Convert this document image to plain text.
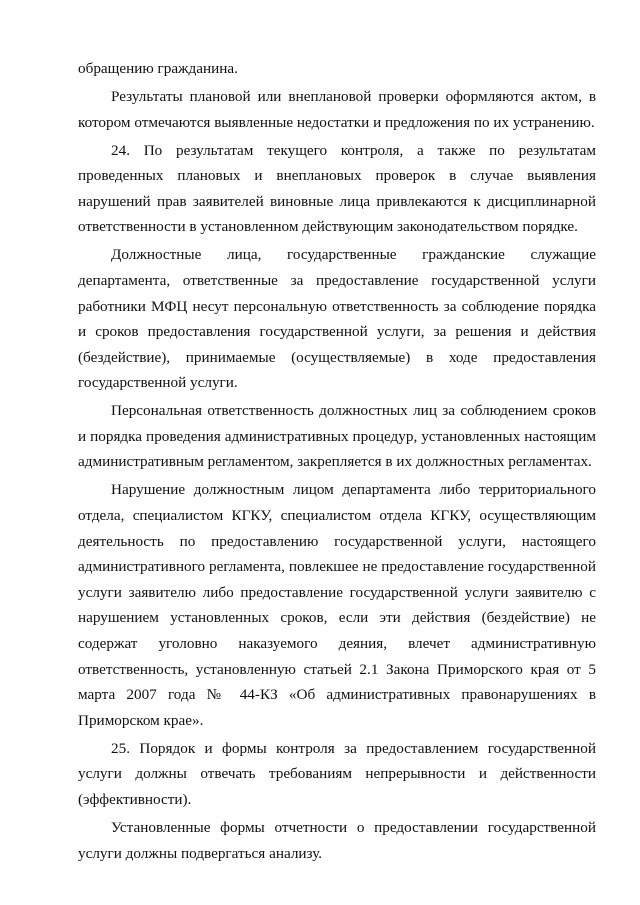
обращению гражданина.

Результаты плановой или внеплановой проверки оформляются актом, в котором отмечаются выявленные недостатки и предложения по их устранению.

24. По результатам текущего контроля, а также по результатам проведенных плановых и внеплановых проверок в случае выявления нарушений прав заявителей виновные лица привлекаются к дисциплинарной ответственности в установленном действующим законодательством порядке.

Должностные лица, государственные гражданские служащие департамента, ответственные за предоставление государственной услуги работники МФЦ несут персональную ответственность за соблюдение порядка и сроков предоставления государственной услуги, за решения и действия (бездействие), принимаемые (осуществляемые) в ходе предоставления государственной услуги.

Персональная ответственность должностных лиц за соблюдением сроков и порядка проведения административных процедур, установленных настоящим административным регламентом, закрепляется в их должностных регламентах.

Нарушение должностным лицом департамента либо территориального отдела, специалистом КГКУ, специалистом отдела КГКУ, осуществляющим деятельность по предоставлению государственной услуги, настоящего административного регламента, повлекшее не предоставление государственной услуги заявителю либо предоставление государственной услуги заявителю с нарушением установленных сроков, если эти действия (бездействие) не содержат уголовно наказуемого деяния, влечет административную ответственность, установленную статьей 2.1 Закона Приморского края от 5 марта 2007 года № 44-КЗ «Об административных правонарушениях в Приморском крае».

25. Порядок и формы контроля за предоставлением государственной услуги должны отвечать требованиям непрерывности и действенности (эффективности).

Установленные формы отчетности о предоставлении государственной услуги должны подвергаться анализу.
